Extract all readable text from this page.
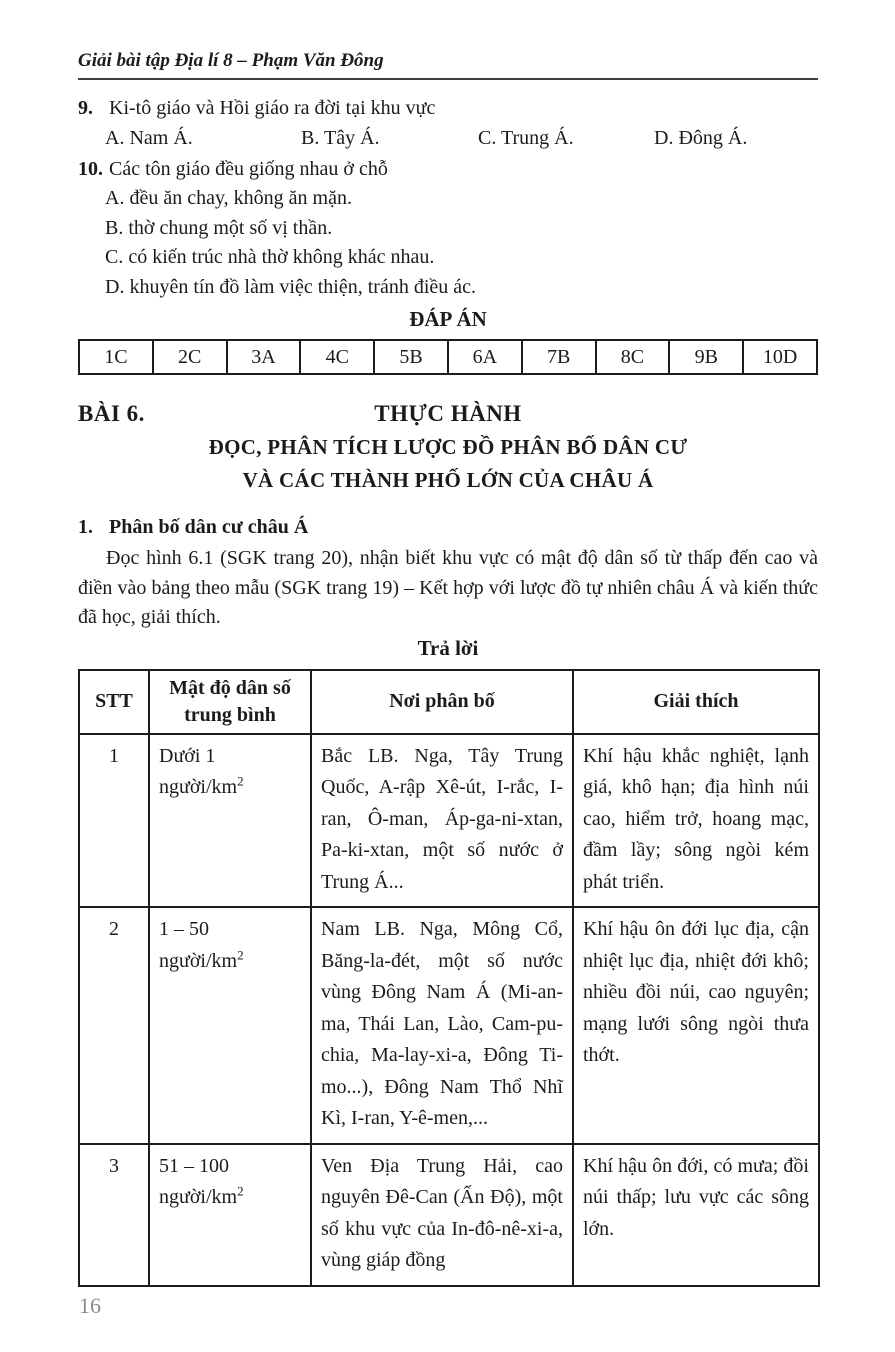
Giải bài tập Địa lí 8 – Phạm Văn Đông
9. Ki-tô giáo và Hồi giáo ra đời tại khu vực
A. Nam Á.	B. Tây Á.	C. Trung Á.	D. Đông Á.
10. Các tôn giáo đều giống nhau ở chỗ
A. đều ăn chay, không ăn mặn.
B. thờ chung một số vị thần.
C. có kiến trúc nhà thờ không khác nhau.
D. khuyên tín đồ làm việc thiện, tránh điều ác.
ĐÁP ÁN
1C	2C	3A	4C	5B	6A	7B	8C	9B	10D
BÀI 6.	THỰC HÀNH
ĐỌC, PHÂN TÍCH LƯỢC ĐỒ PHÂN BỐ DÂN CƯ
VÀ CÁC THÀNH PHỐ LỚN CỦA CHÂU Á
1. Phân bố dân cư châu Á
Đọc hình 6.1 (SGK trang 20), nhận biết khu vực có mật độ dân số từ thấp đến cao và điền vào bảng theo mẫu (SGK trang 19) – Kết hợp với lược đồ tự nhiên châu Á và kiến thức đã học, giải thích.
Trả lời
STT	Mật độ dân số trung bình	Nơi phân bố	Giải thích
1	Dưới 1
người/$km^2$	Bắc LB. Nga, Tây Trung Quốc, A-rập Xê-út, I-rắc, I-ran, Ô-man, Áp-ga-ni-xtan, Pa-ki-xtan, một số nước ở Trung Á...	Khí hậu khắc nghiệt, lạnh giá, khô hạn; địa hình núi cao, hiểm trở, hoang mạc, đầm lầy; sông ngòi kém phát triển.
2	1 – 50
người/$km^2$	Nam LB. Nga, Mông Cổ, Băng-la-đét, một số nước vùng Đông Nam Á (Mi-an-ma, Thái Lan, Lào, Cam-pu-chia, Ma-lay-xi-a, Đông Ti-mo...), Đông Nam Thổ Nhĩ Kì, I-ran, Y-ê-men,...	Khí hậu ôn đới lục địa, cận nhiệt lục địa, nhiệt đới khô; nhiều đồi núi, cao nguyên; mạng lưới sông ngòi thưa thớt.
3	51 – 100
người/$km^2$	Ven Địa Trung Hải, cao nguyên Đê-Can (Ấn Độ), một số khu vực của In-đô-nê-xi-a, vùng giáp đồng	Khí hậu ôn đới, có mưa; đồi núi thấp; lưu vực các sông lớn.
16
